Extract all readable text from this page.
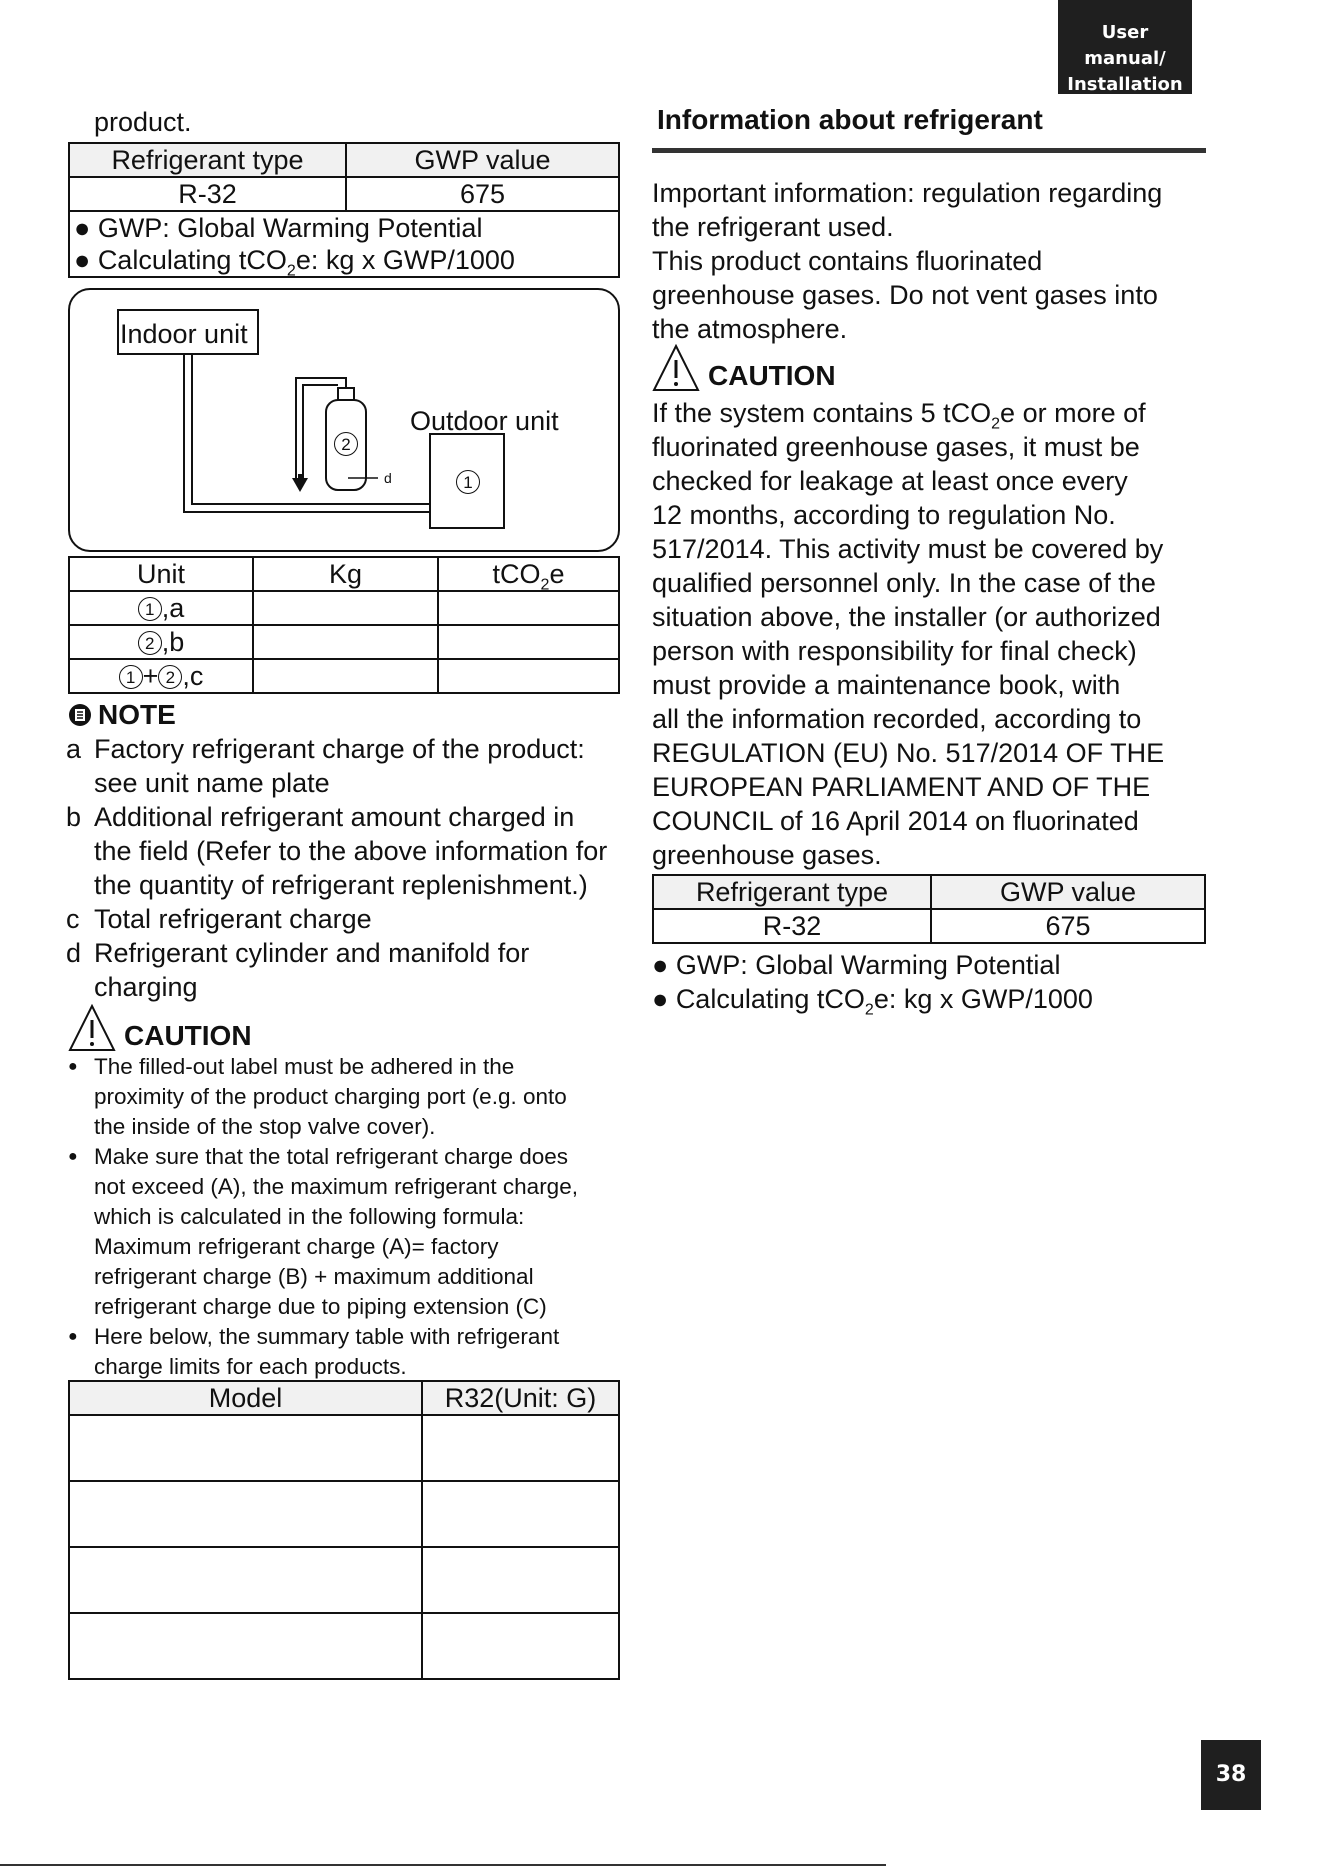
User manual/
Installation manual
product.
Refrigerant type	GWP value
R-32	675

● GWP: Global Warming Potential
● Calculating tCO$_2$e: kg x GWP/1000	
Indoor unit
Outdoor unit
2
1
d
Unit	Kg	tCO$_2$e
1 ,a		
2 ,b		
1 + 2 ,c		
NOTE
a Factory refrigerant charge of the product:
see unit name plate
b Additional refrigerant amount charged in
the field (Refer to the above information for
the quantity of refrigerant replenishment.)
c Total refrigerant charge
d Refrigerant cylinder and manifold for
charging
CAUTION
● The filled-out label must be adhered in the
proximity of the product charging port (e.g. onto
the inside of the stop valve cover).
● Make sure that the total refrigerant charge does
not exceed (A), the maximum refrigerant charge,
which is calculated in the following formula:
Maximum refrigerant charge (A)= factory
refrigerant charge (B) + maximum additional
refrigerant charge due to piping extension (C)
● Here below, the summary table with refrigerant
charge limits for each products.
Model	R32(Unit: G)

Information about refrigerant
Important information: regulation regarding
the refrigerant used.
This product contains fluorinated
greenhouse gases. Do not vent gases into
the atmosphere.
CAUTION
If the system contains 5 tCO$_2$e or more of
fluorinated greenhouse gases, it must be
checked for leakage at least once every
12 months, according to regulation No.
517/2014. This activity must be covered by
qualified personnel only. In the case of the
situation above, the installer (or authorized
person with responsibility for final check)
must provide a maintenance book, with
all the information recorded, according to
REGULATION (EU) No. 517/2014 OF THE
EUROPEAN PARLIAMENT AND OF THE
COUNCIL of 16 April 2014 on fluorinated
greenhouse gases.
Refrigerant type	GWP value
R-32	675
● GWP: Global Warming Potential
● Calculating tCO$_2$e: kg x GWP/1000
38
